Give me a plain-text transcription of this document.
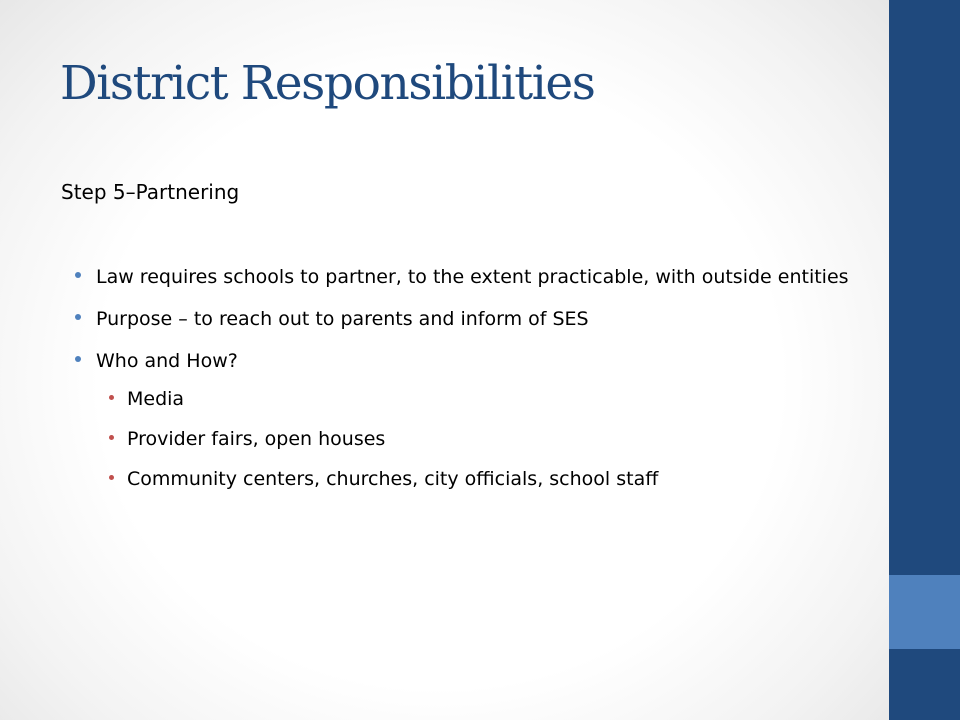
District Responsibilities
Step 5–Partnering
Law requires schools to partner, to the extent practicable, with outside entities
Purpose – to reach out to parents and inform of SES
Who and How?
Media
Provider fairs, open houses
Community centers, churches, city officials, school staff
